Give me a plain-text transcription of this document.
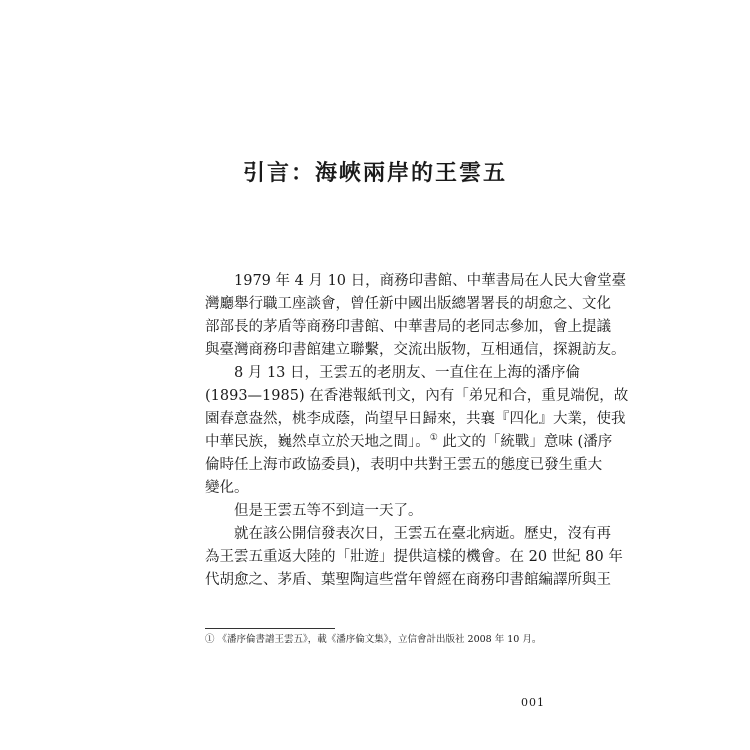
引言：海峽兩岸的王雲五
1979 年 4 月 10 日，商務印書館、中華書局在人民大會堂臺
灣廳舉行職工座談會，曾任新中國出版總署署長的胡愈之、文化
部部長的茅盾等商務印書館、中華書局的老同志參加，會上提議
與臺灣商務印書館建立聯繫，交流出版物，互相通信，探親訪友。
8 月 13 日，王雲五的老朋友、一直住在上海的潘序倫
(1893—1985) 在香港報紙刊文，內有「弟兄和合，重見端倪，故
園春意盎然，桃李成蔭，尚望早日歸來，共襄『四化』大業，使我
中華民族，巍然卓立於天地之間」。① 此文的「統戰」意味 (潘序
倫時任上海市政協委員)，表明中共對王雲五的態度已發生重大
變化。
但是王雲五等不到這一天了。
就在該公開信發表次日，王雲五在臺北病逝。歷史，沒有再
為王雲五重返大陸的「壯遊」提供這樣的機會。在 20 世紀 80 年
代胡愈之、茅盾、葉聖陶這些當年曾經在商務印書館編譯所與王
① 《潘序倫書譜王雲五》，載《潘序倫文集》，立信會計出版社 2008 年 10 月。
001
